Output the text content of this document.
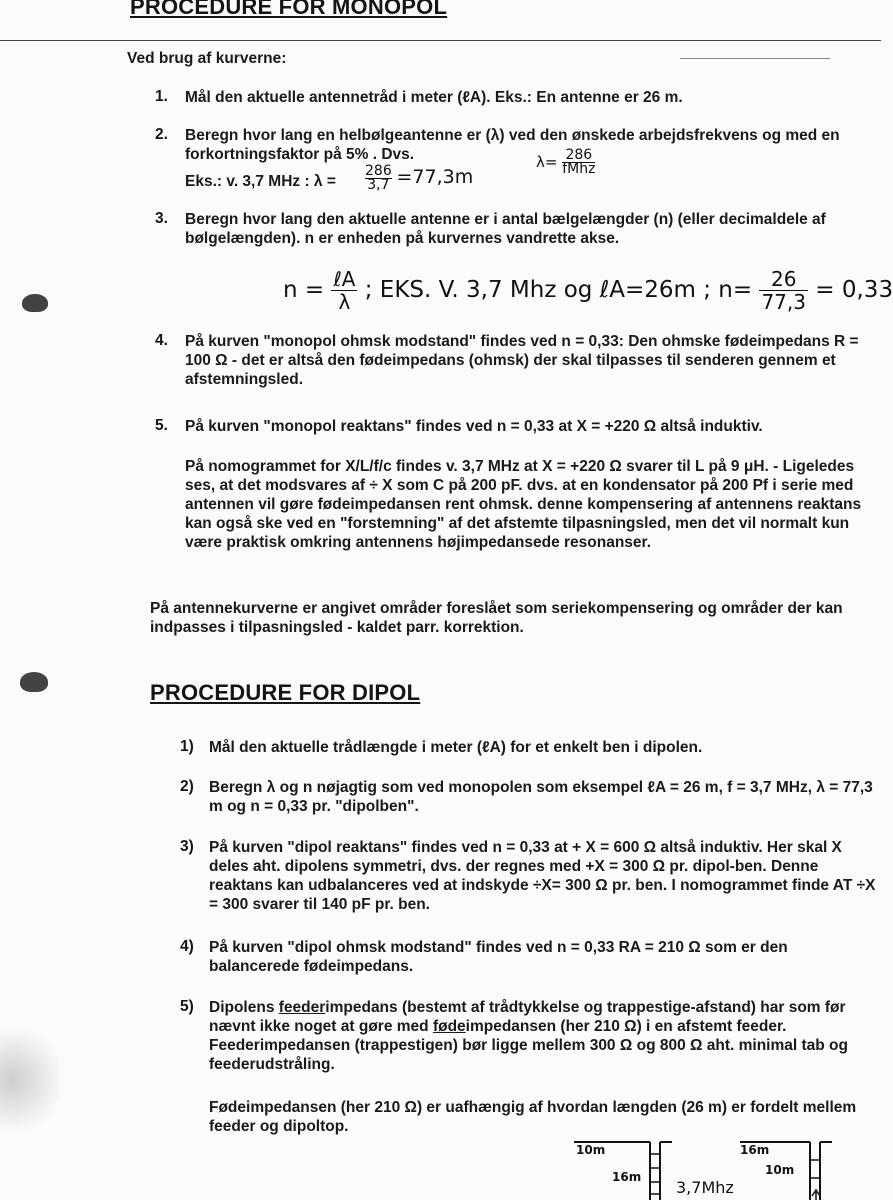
PROCEDURE FOR MONOPOL
Ved brug af kurverne:
1. Mål den aktuelle antennetråd i meter (ℓA). Eks.: En antenne er 26 m.
2. Beregn hvor lang en helbølgeantenne er (λ) ved den ønskede arbejdsfrekvens og med en forkortningsfaktor på 5% . Dvs.	λ= 286
fMhz
Eks.: v. 3,7 MHz : $\lambda = \frac{286}{3,7} =77,3m$
3. Beregn hvor lang den aktuelle antenne er i antal bælgelængder (n) (eller decimaldele af bølgelængden). n er enheden på kurvernes vandrette akse.
$n = \frac{\text{ℓA}}{\lambda}$ ; EKS. V. 3,7 Mhz og ℓA=26m ; $n= \frac{26}{77,3} = 0,33$
4. På kurven "monopol ohmsk modstand" findes ved n = 0,33: Den ohmske fødeimpedans R = 100 Ω - det er altså den fødeimpedans (ohmsk) der skal tilpasses til senderen gennem et afstemningsled.
5. På kurven "monopol reaktans" findes ved n = 0,33 at X = +220 Ω altså induktiv.
På nomogrammet for X/L/f/c findes v. 3,7 MHz at X = +220 Ω svarer til L på 9 μH. - Ligeledes ses, at det modsvares af ÷ X som C på 200 pF. dvs. at en kondensator på 200 Pf i serie med antennen vil gøre fødeimpedansen rent ohmsk. denne kompensering af antennens reaktans kan også ske ved en "forstemning" af det afstemte tilpasningsled, men det vil normalt kun være praktisk omkring antennens højimpedansede resonanser.
På antennekurverne er angivet områder foreslået som seriekompensering og områder der kan indpasses i tilpasningsled - kaldet parr. korrektion.
PROCEDURE FOR DIPOL
1) Mål den aktuelle trådlængde i meter (ℓA) for et enkelt ben i dipolen.
2) Beregn λ og n nøjagtig som ved monopolen som eksempel ℓA = 26 m, f = 3,7 MHz, λ = 77,3 m og n = 0,33 pr. "dipolben".
3) På kurven "dipol reaktans" findes ved n = 0,33 at + X = 600 Ω altså induktiv. Her skal X deles aht. dipolens symmetri, dvs. der regnes med +X = 300 Ω pr. dipol-ben. Denne reaktans kan udbalanceres ved at indskyde ÷X= 300 Ω pr. ben. I nomogrammet finde AT ÷X = 300 svarer til 140 pF pr. ben.
4) På kurven "dipol ohmsk modstand" findes ved n = 0,33 RA = 210 Ω som er den balancerede fødeimpedans.
5) Dipolens feederimpedans (bestemt af trådtykkelse og trappestige-afstand) har som før nævnt ikke noget at gøre med fødeimpedansen (her 210 Ω) i en afstemt feeder. Feederimpedansen (trappestigen) bør ligge mellem 300 Ω og 800 Ω aht. minimal tab og feederudstråling.
Fødeimpedansen (her 210 Ω) er uafhængig af hvordan længden (26 m) er fordelt mellem feeder og dipoltop.
10m
16m
16m
10m
3,7Mhz
